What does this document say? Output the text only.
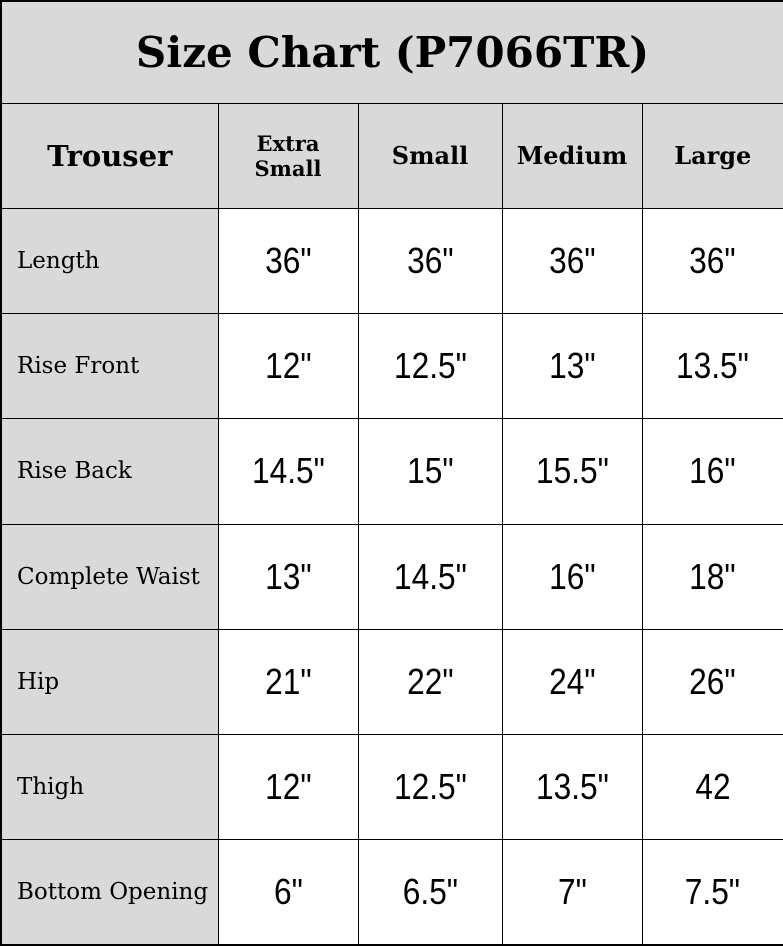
Size Chart (P7066TR)				
Trouser	Extra Small	Small	Medium	Large
Length	36"	36"	36"	36"
Rise Front	12"	12.5"	13"	13.5"
Rise Back	14.5"	15"	15.5"	16"
Complete Waist	13"	14.5"	16"	18"
Hip	21"	22"	24"	26"
Thigh	12"	12.5"	13.5"	42
Bottom Opening	6"	6.5"	7"	7.5"
